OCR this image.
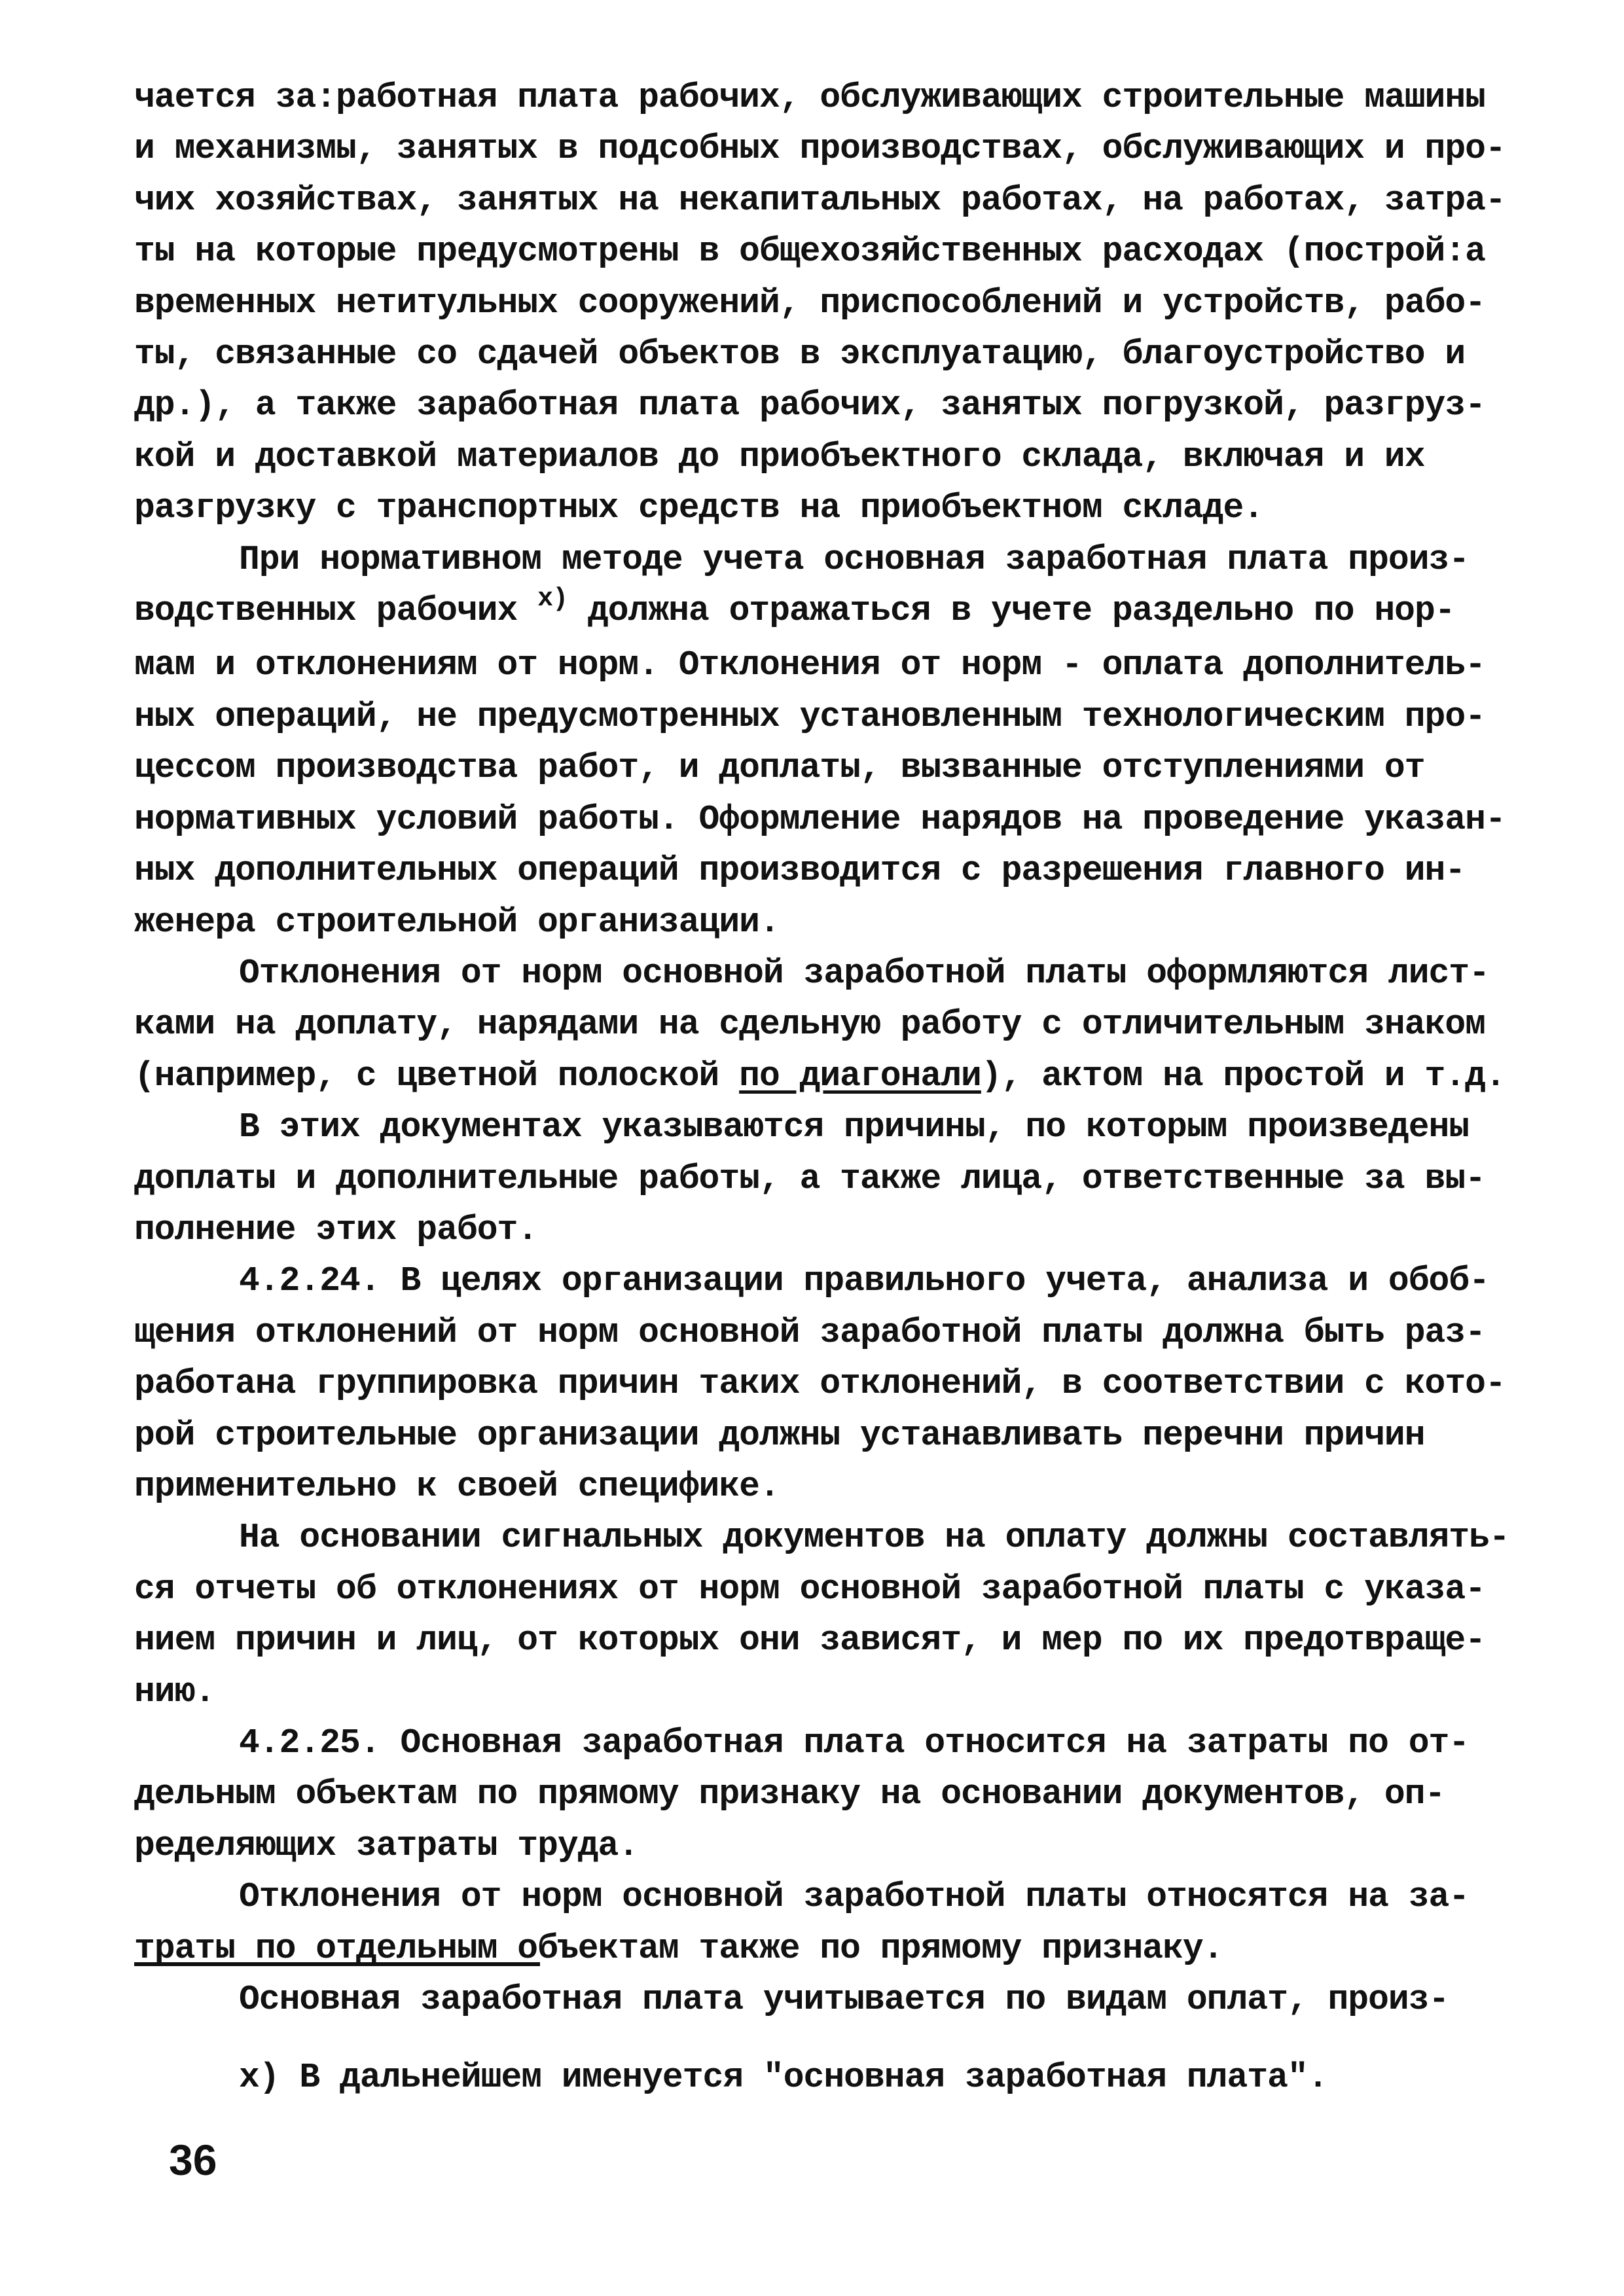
чается за:работная плата рабочих, обслуживающих строительные машины
и механизмы, занятых в подсобных производствах, обслуживающих и про-
чих хозяйствах, занятых на некапитальных работах, на работах, затра-
ты на которые предусмотрены в общехозяйственных расходах (построй:а
временных нетитульных сооружений, приспособлений и устройств, рабо-
ты, связанные со сдачей объектов в эксплуатацию, благоустройство и
др.), а также заработная плата рабочих, занятых погрузкой, разгруз-
кой и доставкой материалов до приобъектного склада, включая и их
разгрузку с транспортных средств на приобъектном складе.

При нормативном методе учета основная заработная плата произ-
водственных рабочих $^{x)}$ должна отражаться в учете раздельно по нор-
мам и отклонениям от норм. Отклонения от норм - оплата дополнитель-
ных операций, не предусмотренных установленным технологическим про-
цессом производства работ, и доплаты, вызванные отступлениями от
нормативных условий работы. Оформление нарядов на проведение указан-
ных дополнительных операций производится с разрешения главного ин-
женера строительной организации.

Отклонения от норм основной заработной платы оформляются лист-
ками на доплату, нарядами на сдельную работу с отличительным знаком
(например, с цветной полоской по диагонали), актом на простой и т.д.
В этих документах указываются причины, по которым произведены
доплаты и дополнительные работы, а также лица, ответственные за вы-
полнение этих работ.

4.2.24. В целях организации правильного учета, анализа и обоб-
щения отклонений от норм основной заработной платы должна быть раз-
работана группировка причин таких отклонений, в соответствии с кото-
рой строительные организации должны устанавливать перечни причин
применительно к своей специфике.

На основании сигнальных документов на оплату должны составлять-
ся отчеты об отклонениях от норм основной заработной платы с указа-
нием причин и лиц, от которых они зависят, и мер по их предотвраще-
нию.

4.2.25. Основная заработная плата относится на затраты по от-
дельным объектам по прямому признаку на основании документов, оп-
ределяющих затраты труда.

Отклонения от норм основной заработной платы относятся на за-
траты по отдельным объектам также по прямому признаку.

Основная заработная плата учитывается по видам оплат, произ-

x) В дальнейшем именуется "основная заработная плата".
36
